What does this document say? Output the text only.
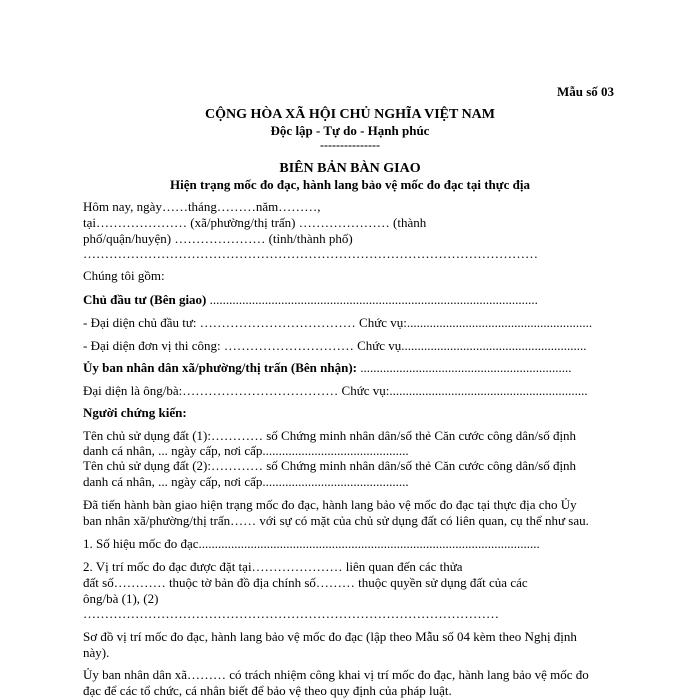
Mẫu số 03
CỘNG HÒA XÃ HỘI CHỦ NGHĨA VIỆT NAM
Độc lập - Tự do - Hạnh phúc
---------------
BIÊN BẢN BÀN GIAO
Hiện trạng mốc đo đạc, hành lang bảo vệ mốc đo đạc tại thực địa
Hôm nay, ngày……tháng………năm………,
tại………………… (xã/phường/thị trấn) ………………… (thành
phố/quận/huyện) ………………… (tỉnh/thành phố)
……………………………………………………………………………………………
Chúng tôi gồm:
Chủ đầu tư (Bên giao) .....................................................................................................
- Đại diện chủ đầu tư: ……………………………… Chức vụ:.........................................................
- Đại diện đơn vị thi công: ………………………… Chức vụ.........................................................
Ủy ban nhân dân xã/phường/thị trấn (Bên nhận): .................................................................
Đại diện là ông/bà:……………………………… Chức vụ:.............................................................
Người chứng kiến:
Tên chủ sử dụng đất (1):………… số Chứng minh nhân dân/số thẻ Căn cước công dân/số định
danh cá nhân, ... ngày cấp, nơi cấp.............................................
Tên chủ sử dụng đất (2):………… số Chứng minh nhân dân/số thẻ Căn cước công dân/số định
danh cá nhân, ... ngày cấp, nơi cấp.............................................
Đã tiến hành bàn giao hiện trạng mốc đo đạc, hành lang bảo vệ mốc đo đạc tại thực địa cho Ủy
ban nhân xã/phường/thị trấn…… với sự có mặt của chủ sử dụng đất có liên quan, cụ thể như sau.
1. Số hiệu mốc đo đạc.........................................................................................................
2. Vị trí mốc đo đạc được đặt tại………………… liên quan đến các thửa
đất số………… thuộc tờ bản đồ địa chính số……… thuộc quyền sử dụng đất của các
ông/bà (1), (2)
……………………………………………………………………………………
Sơ đồ vị trí mốc đo đạc, hành lang bảo vệ mốc đo đạc (lập theo Mẫu số 04 kèm theo Nghị định
này).
Ủy ban nhân dân xã……… có trách nhiệm công khai vị trí mốc đo đạc, hành lang bảo vệ mốc đo
đạc để các tổ chức, cá nhân biết để bảo vệ theo quy định của pháp luật.
